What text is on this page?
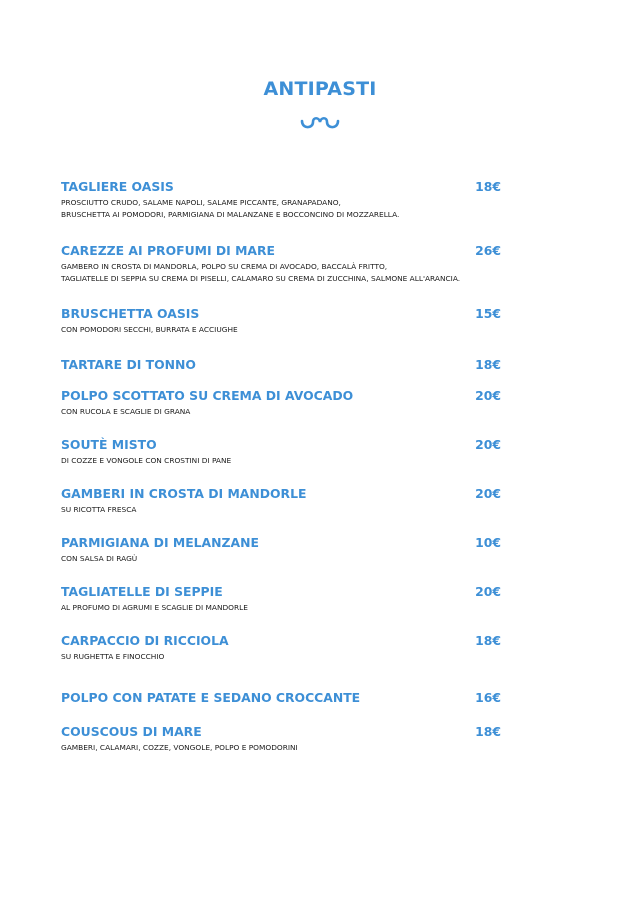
ANTIPASTI
TAGLIERE OASIS	18€
PROSCIUTTO CRUDO, SALAME NAPOLI, SALAME PICCANTE, GRANAPADANO,
BRUSCHETTA AI POMODORI, PARMIGIANA DI MALANZANE E BOCCONCINO DI MOZZARELLA.
CAREZZE AI PROFUMI DI MARE	26€
GAMBERO IN CROSTA DI MANDORLA, POLPO SU CREMA DI AVOCADO, BACCALÀ FRITTO,
TAGLIATELLE DI SEPPIA SU CREMA DI PISELLI, CALAMARO SU CREMA DI ZUCCHINA, SALMONE ALL'ARANCIA.
BRUSCHETTA OASIS	15€
CON POMODORI SECCHI, BURRATA E ACCIUGHE
TARTARE DI TONNO	18€
POLPO SCOTTATO SU CREMA DI AVOCADO	20€
CON RUCOLA E SCAGLIE DI GRANA
SOUTÈ MISTO	20€
DI COZZE E VONGOLE CON CROSTINI DI PANE
GAMBERI IN CROSTA DI MANDORLE	20€
SU RICOTTA FRESCA
PARMIGIANA DI MELANZANE	10€
CON SALSA DI RAGÙ
TAGLIATELLE DI SEPPIE	20€
AL PROFUMO DI AGRUMI E SCAGLIE DI MANDORLE
CARPACCIO DI RICCIOLA	18€
SU RUGHETTA E FINOCCHIO
POLPO CON PATATE E SEDANO CROCCANTE	16€
COUSCOUS DI MARE	18€
GAMBERI, CALAMARI, COZZE, VONGOLE, POLPO E POMODORINI
